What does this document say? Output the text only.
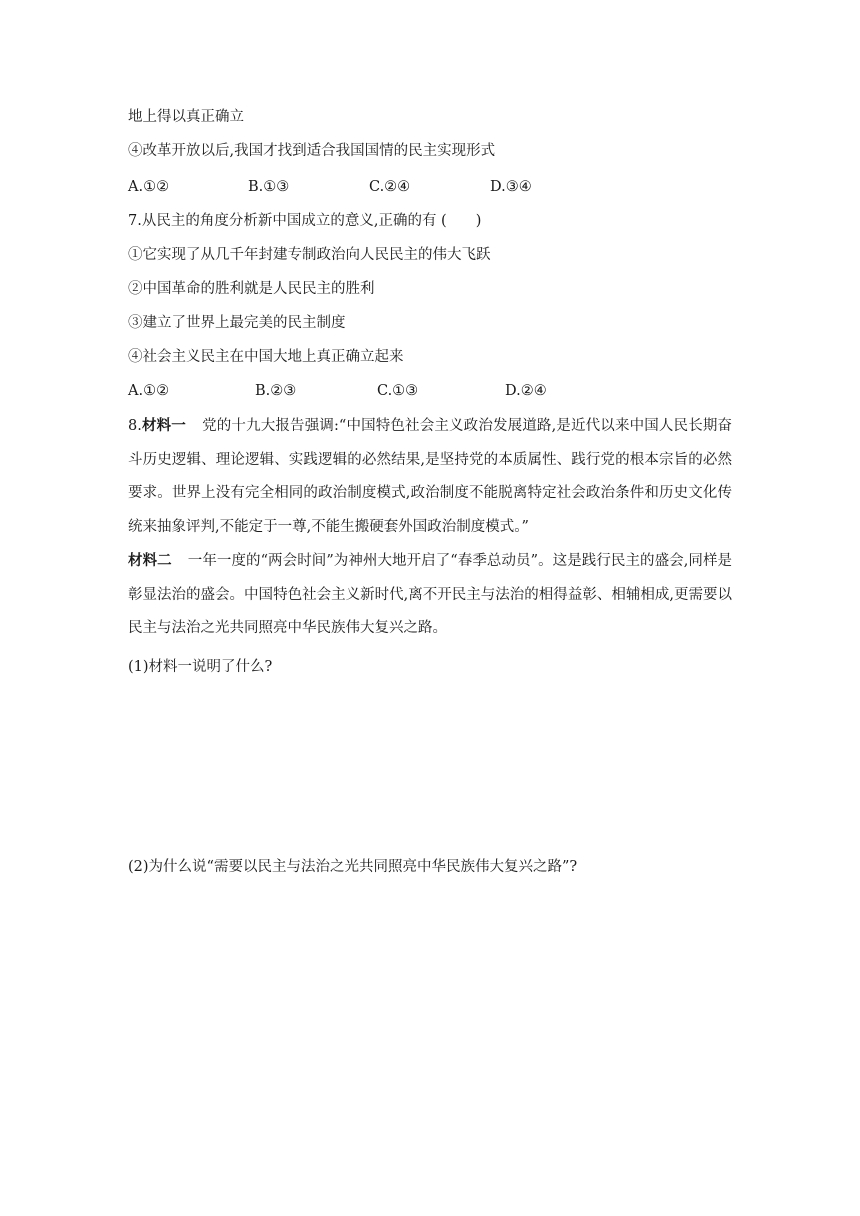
地上得以真正确立
④改革开放以后,我国才找到适合我国国情的民主实现形式
A.①②	B.①③	C.②④	D.③④
7.从民主的角度分析新中国成立的意义,正确的有 (　　)
①它实现了从几千年封建专制政治向人民民主的伟大飞跃
②中国革命的胜利就是人民民主的胜利
③建立了世界上最完美的民主制度
④社会主义民主在中国大地上真正确立起来
A.①②	B.②③	C.①③	D.②④
8.材料一 党的十九大报告强调:“中国特色社会主义政治发展道路,是近代以来中国人民长期奋斗历史逻辑、理论逻辑、实践逻辑的必然结果,是坚持党的本质属性、践行党的根本宗旨的必然要求。世界上没有完全相同的政治制度模式,政治制度不能脱离特定社会政治条件和历史文化传统来抽象评判,不能定于一尊,不能生搬硬套外国政治制度模式。”
材料二 一年一度的“两会时间”为神州大地开启了“春季总动员”。这是践行民主的盛会,同样是彰显法治的盛会。中国特色社会主义新时代,离不开民主与法治的相得益彰、相辅相成,更需要以民主与法治之光共同照亮中华民族伟大复兴之路。
(1)材料一说明了什么?
(2)为什么说“需要以民主与法治之光共同照亮中华民族伟大复兴之路”?
